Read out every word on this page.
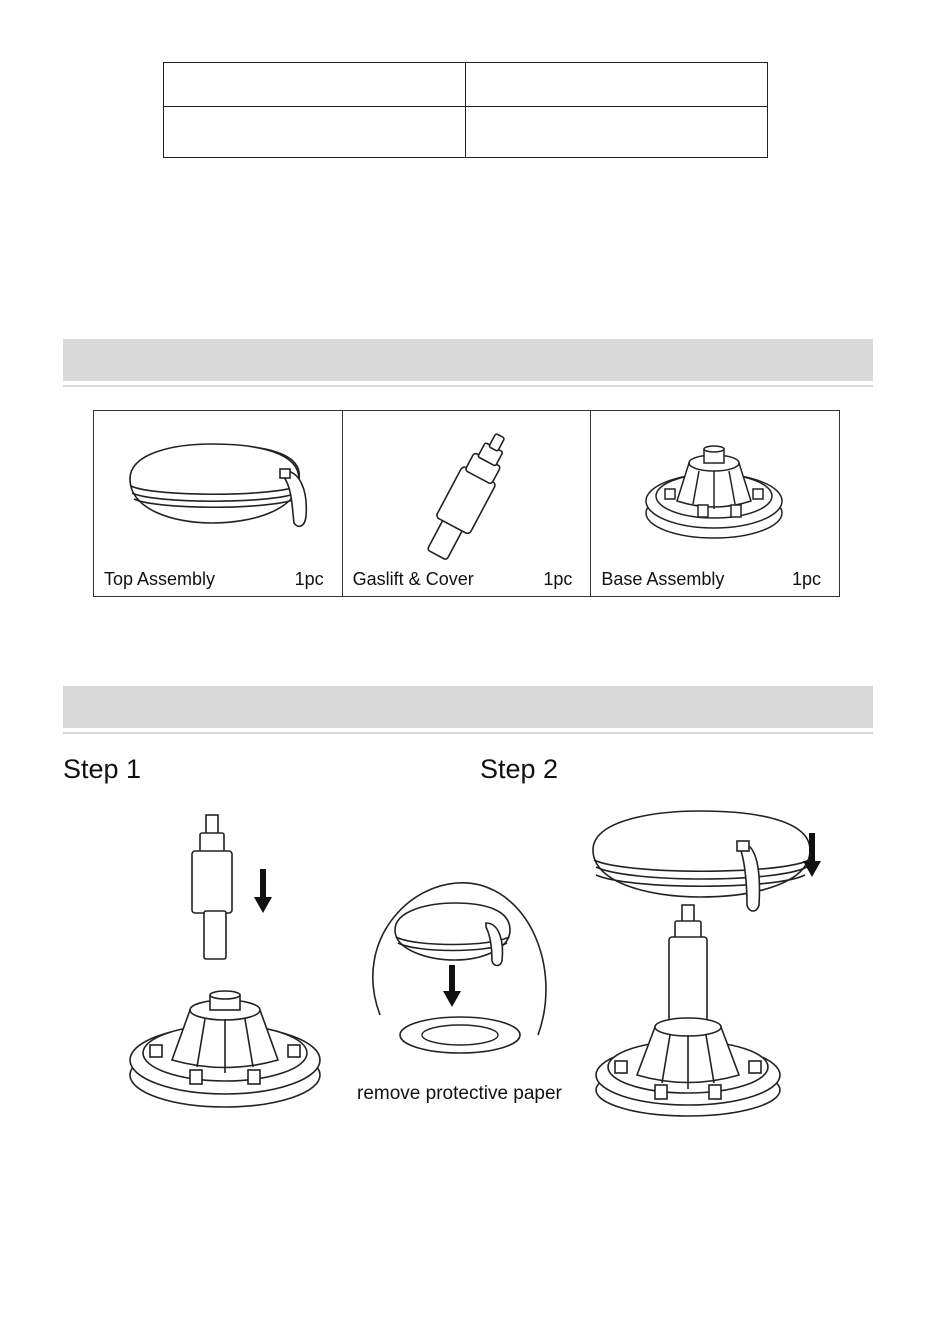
Top Assembly	1pc Gaslift & Cover	1pc Base Assembly	1pc
Step 1	Step 2
remove protective paper
